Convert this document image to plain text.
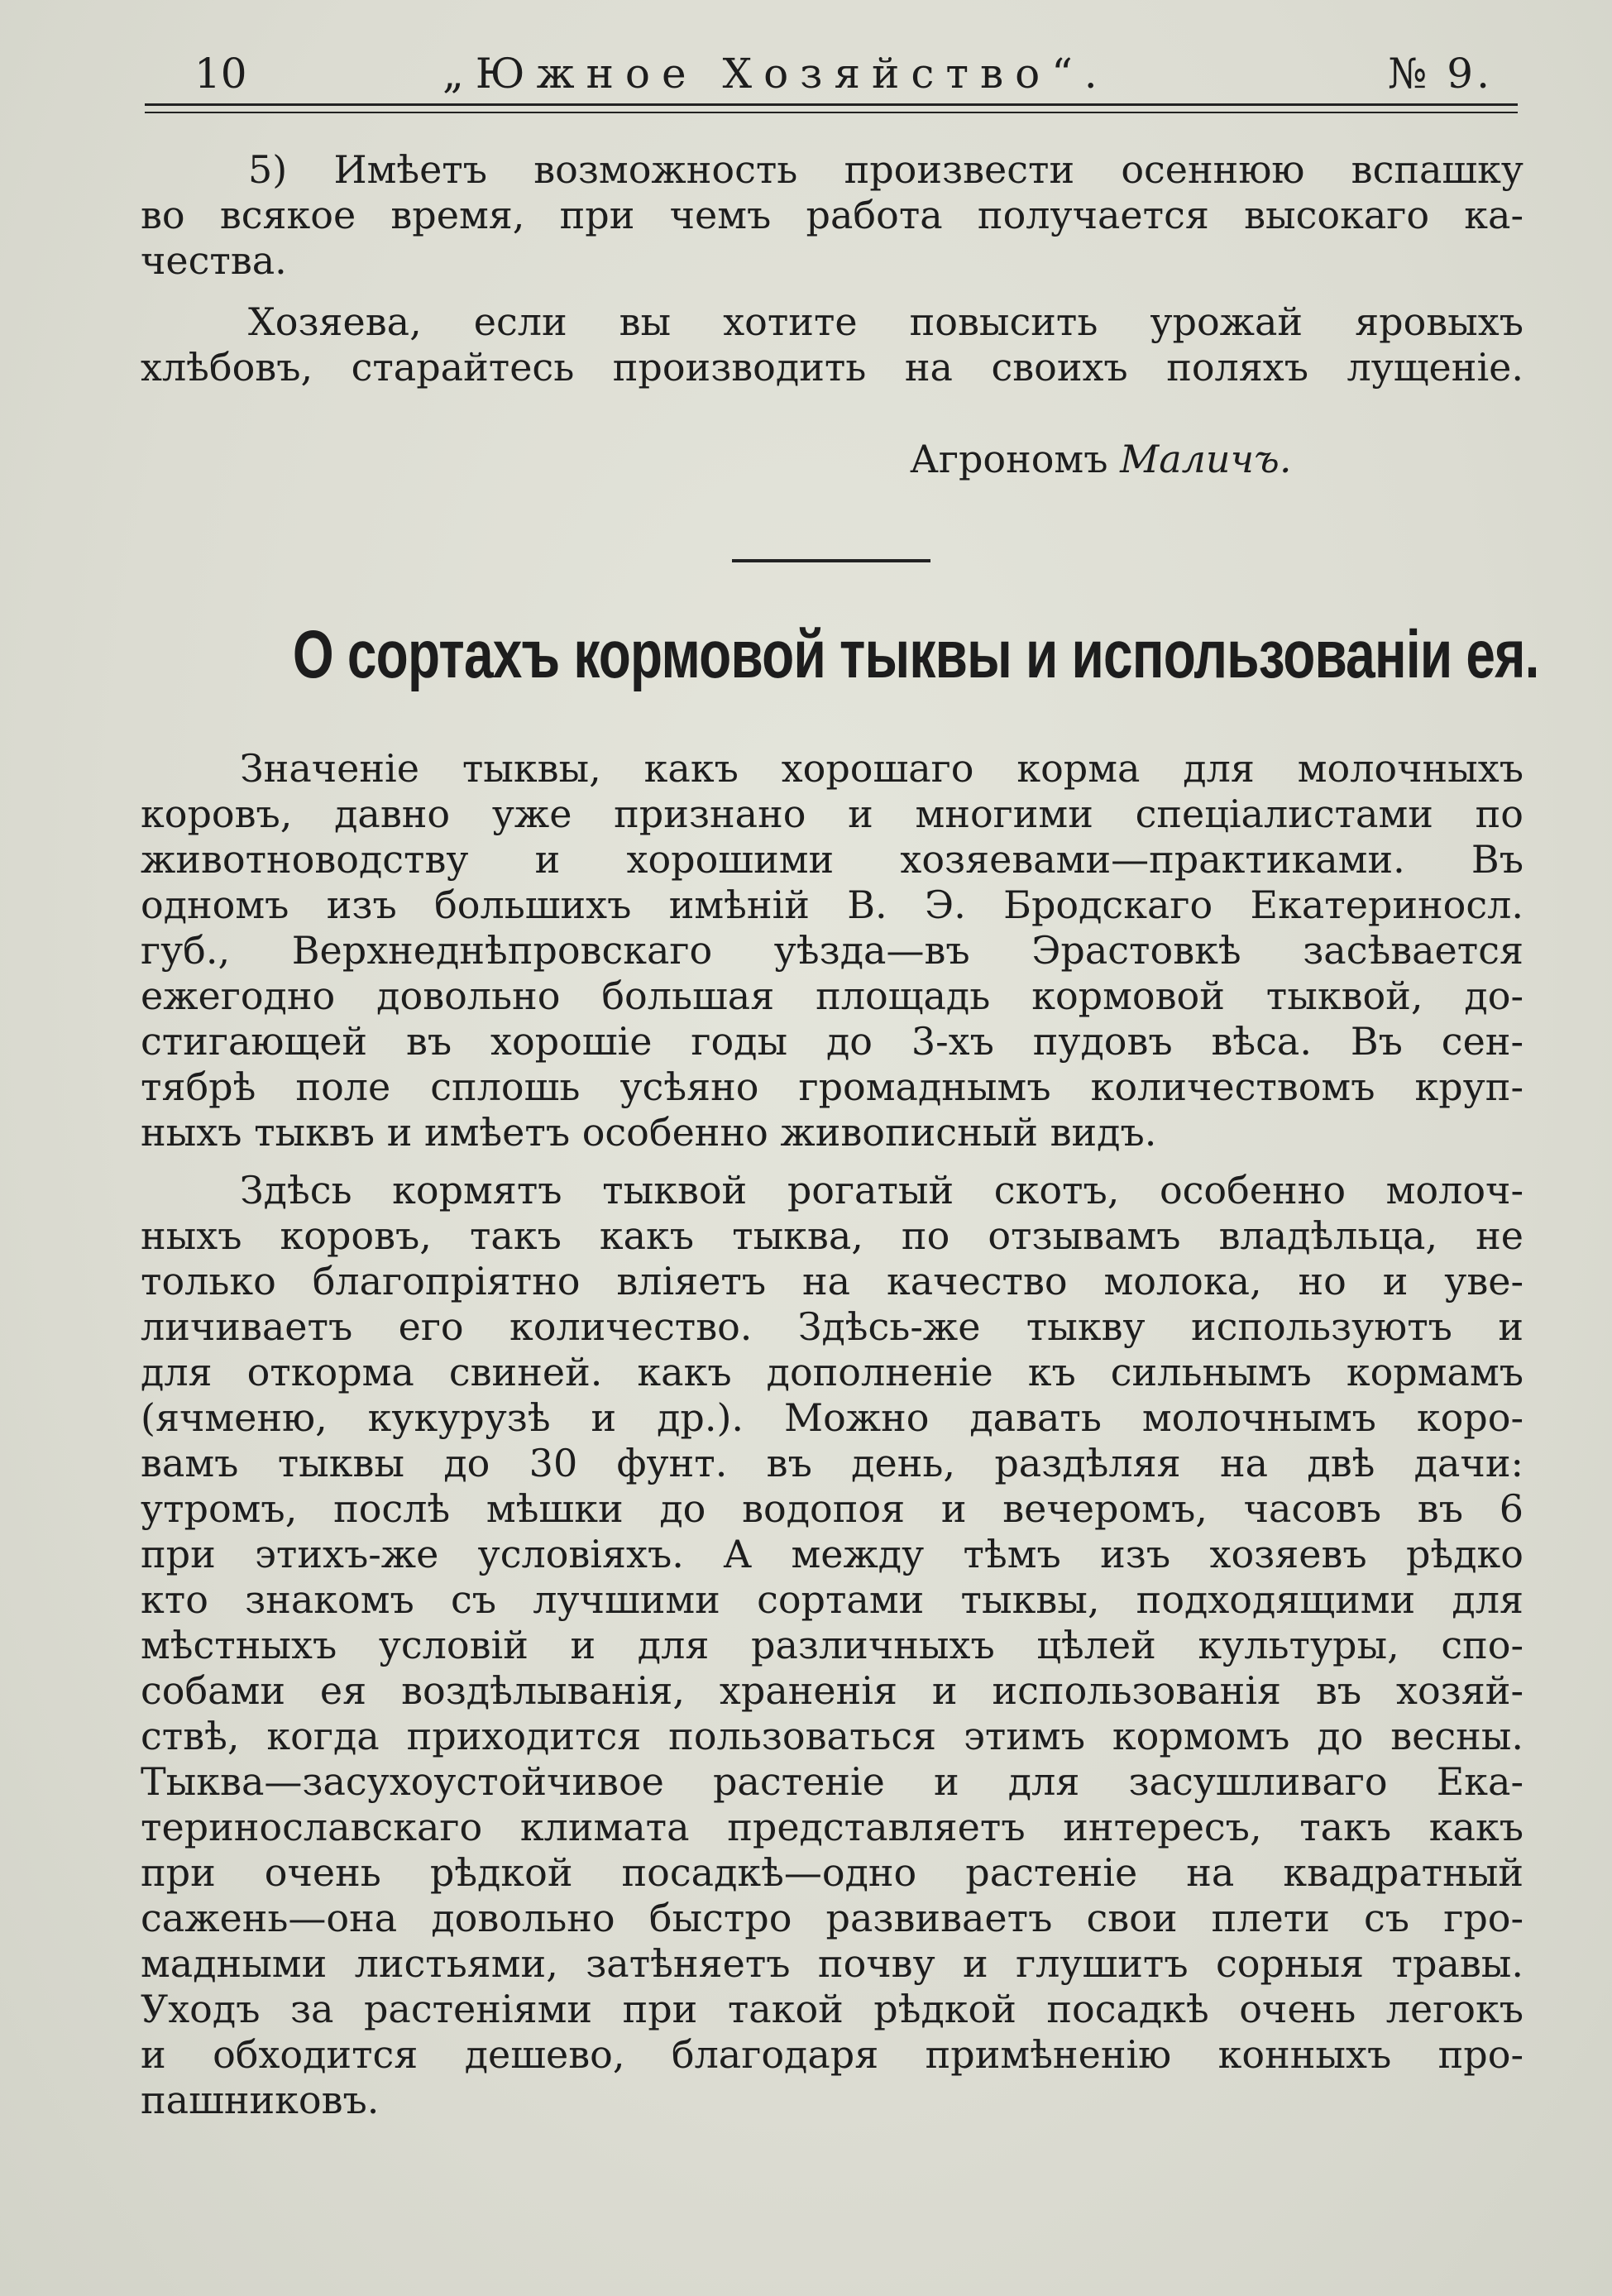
10	„Южное Хозяйство“.	№ 9.
5) Имѣетъ возможность произвести осеннюю вспашку
во всякое время, при чемъ работа получается высокаго ка-
чества.
Хозяева, если вы хотите повысить урожай яровыхъ
хлѣбовъ, старайтесь производить на своихъ поляхъ лущеніе.
Агрономъ Маличъ.
О сортахъ кормовой тыквы и использованіи ея.
Значеніе тыквы, какъ хорошаго корма для молочныхъ
коровъ, давно уже признано и многими спеціалистами по
животноводству и хорошими хозяевами—практиками. Въ
одномъ изъ большихъ имѣній В. Э. Бродскаго Екатериносл.
губ., Верхнеднѣпровскаго уѣзда—въ Эрастовкѣ засѣвается
ежегодно довольно большая площадь кормовой тыквой, до-
стигающей въ хорошіе годы до 3-хъ пудовъ вѣса. Въ сен-
тябрѣ поле сплошь усѣяно громаднымъ количествомъ круп-
ныхъ тыквъ и имѣетъ особенно живописный видъ.
Здѣсь кормятъ тыквой рогатый скотъ, особенно молоч-
ныхъ коровъ, такъ какъ тыква, по отзывамъ владѣльца, не
только благопріятно вліяетъ на качество молока, но и уве-
личиваетъ его количество. Здѣсь-же тыкву используютъ и
для откорма свиней. какъ дополненіе къ сильнымъ кормамъ
(ячменю, кукурузѣ и др.). Можно давать молочнымъ коро-
вамъ тыквы до 30 фунт. въ день, раздѣляя на двѣ дачи:
утромъ, послѣ мѣшки до водопоя и вечеромъ, часовъ въ 6
при этихъ-же условіяхъ. А между тѣмъ изъ хозяевъ рѣдко
кто знакомъ съ лучшими сортами тыквы, подходящими для
мѣстныхъ условій и для различныхъ цѣлей культуры, спо-
собами ея воздѣлыванія, храненія и использованія въ хозяй-
ствѣ, когда приходится пользоваться этимъ кормомъ до весны.
Тыква—засухоустойчивое растеніе и для засушливаго Ека-
теринославскаго климата представляетъ интересъ, такъ какъ
при очень рѣдкой посадкѣ—одно растеніе на квадратный
сажень—она довольно быстро развиваетъ свои плети съ гро-
мадными листьями, затѣняетъ почву и глушитъ сорныя травы.
Уходъ за растеніями при такой рѣдкой посадкѣ очень легокъ
и обходится дешево, благодаря примѣненію конныхъ про-
пашниковъ.
